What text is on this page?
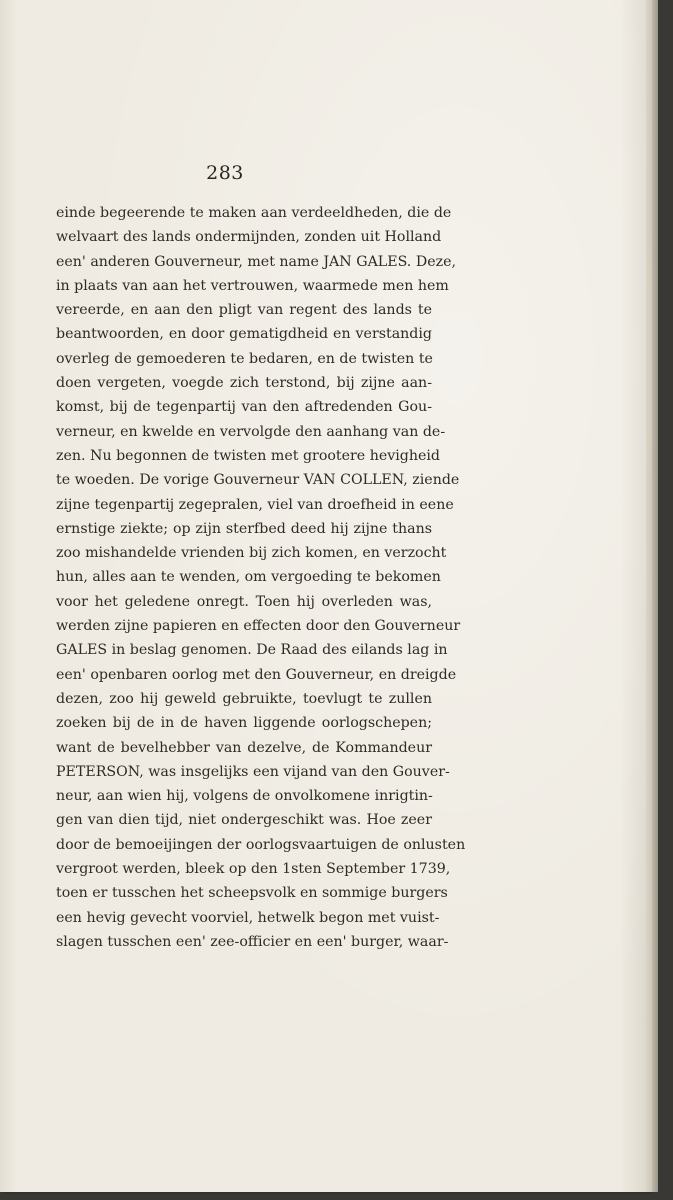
283
einde begeerende te maken aan verdeeldheden, die de
welvaart des lands ondermijnden, zonden uit Holland
een' anderen Gouverneur, met name JAN GALES. Deze,
in plaats van aan het vertrouwen, waarmede men hem
vereerde, en aan den pligt van regent des lands te
beantwoorden, en door gematigdheid en verstandig
overleg de gemoederen te bedaren, en de twisten te
doen vergeten, voegde zich terstond, bij zijne aan-
komst, bij de tegenpartij van den aftredenden Gou-
verneur, en kwelde en vervolgde den aanhang van de-
zen. Nu begonnen de twisten met grootere hevigheid
te woeden. De vorige Gouverneur VAN COLLEN, ziende
zijne tegenpartij zegepralen, viel van droefheid in eene
ernstige ziekte; op zijn sterfbed deed hij zijne thans
zoo mishandelde vrienden bij zich komen, en verzocht
hun, alles aan te wenden, om vergoeding te bekomen
voor het geledene onregt. Toen hij overleden was,
werden zijne papieren en effecten door den Gouverneur
GALES in beslag genomen. De Raad des eilands lag in
een' openbaren oorlog met den Gouverneur, en dreigde
dezen, zoo hij geweld gebruikte, toevlugt te zullen
zoeken bij de in de haven liggende oorlogschepen;
want de bevelhebber van dezelve, de Kommandeur
PETERSON, was insgelijks een vijand van den Gouver-
neur, aan wien hij, volgens de onvolkomene inrigtin-
gen van dien tijd, niet ondergeschikt was. Hoe zeer
door de bemoeijingen der oorlogsvaartuigen de onlusten
vergroot werden, bleek op den 1sten September 1739,
toen er tusschen het scheepsvolk en sommige burgers
een hevig gevecht voorviel, hetwelk begon met vuist-
slagen tusschen een' zee-officier en een' burger, waar-
